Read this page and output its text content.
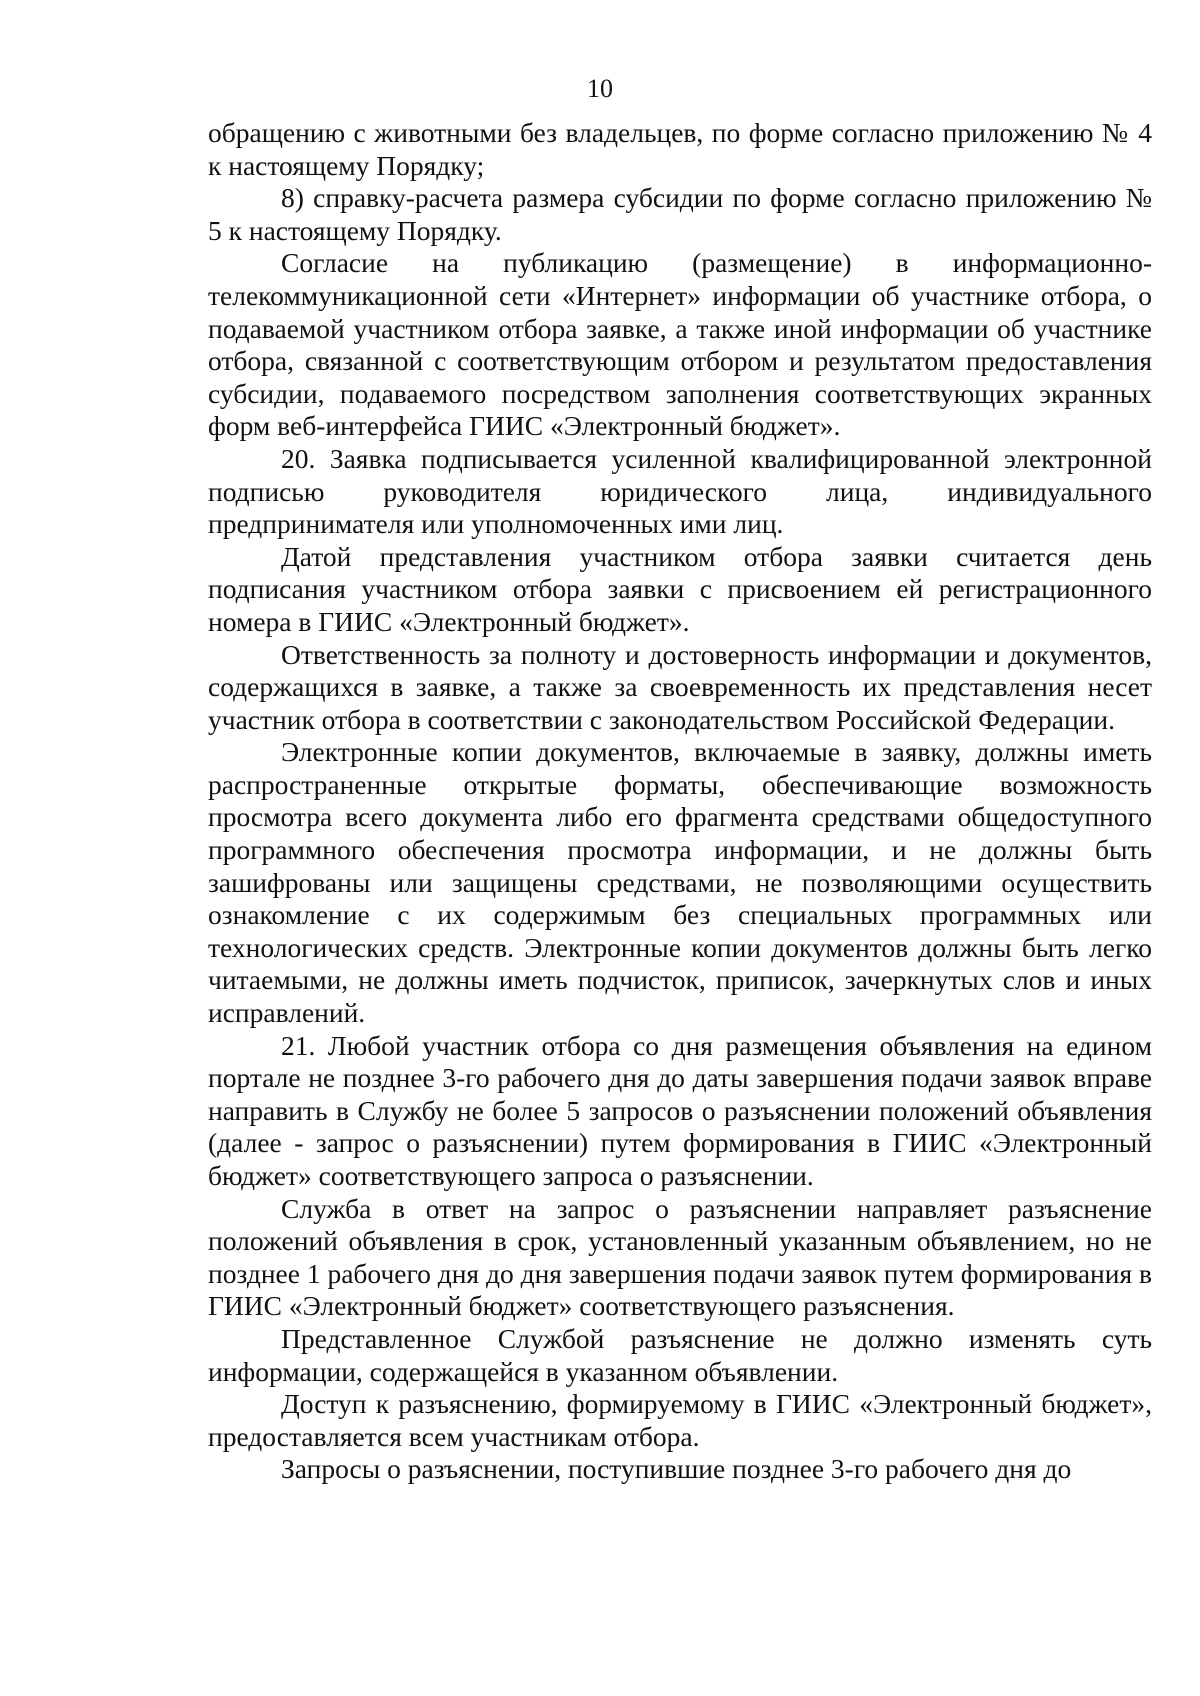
10

обращению с животными без владельцев, по форме согласно приложению № 4 к настоящему Порядку;

8) справку-расчета размера субсидии по форме согласно приложению № 5 к настоящему Порядку.

Согласие на публикацию (размещение) в информационно-телекоммуникационной сети «Интернет» информации об участнике отбора, о подаваемой участником отбора заявке, а также иной информации об участнике отбора, связанной с соответствующим отбором и результатом предоставления субсидии, подаваемого посредством заполнения соответствующих экранных форм веб-интерфейса ГИИС «Электронный бюджет».

20. Заявка подписывается усиленной квалифицированной электронной подписью руководителя юридического лица, индивидуального предпринимателя или уполномоченных ими лиц.

Датой представления участником отбора заявки считается день подписания участником отбора заявки с присвоением ей регистрационного номера в ГИИС «Электронный бюджет».

Ответственность за полноту и достоверность информации и документов, содержащихся в заявке, а также за своевременность их представления несет участник отбора в соответствии с законодательством Российской Федерации.

Электронные копии документов, включаемые в заявку, должны иметь распространенные открытые форматы, обеспечивающие возможность просмотра всего документа либо его фрагмента средствами общедоступного программного обеспечения просмотра информации, и не должны быть зашифрованы или защищены средствами, не позволяющими осуществить ознакомление с их содержимым без специальных программных или технологических средств. Электронные копии документов должны быть легко читаемыми, не должны иметь подчисток, приписок, зачеркнутых слов и иных исправлений.

21. Любой участник отбора со дня размещения объявления на едином портале не позднее 3-го рабочего дня до даты завершения подачи заявок вправе направить в Службу не более 5 запросов о разъяснении положений объявления (далее - запрос о разъяснении) путем формирования в ГИИС «Электронный бюджет» соответствующего запроса о разъяснении.

Служба в ответ на запрос о разъяснении направляет разъяснение положений объявления в срок, установленный указанным объявлением, но не позднее 1 рабочего дня до дня завершения подачи заявок путем формирования в ГИИС «Электронный бюджет» соответствующего разъяснения.

Представленное Службой разъяснение не должно изменять суть информации, содержащейся в указанном объявлении.

Доступ к разъяснению, формируемому в ГИИС «Электронный бюджет», предоставляется всем участникам отбора.

Запросы о разъяснении, поступившие позднее 3-го рабочего дня до
